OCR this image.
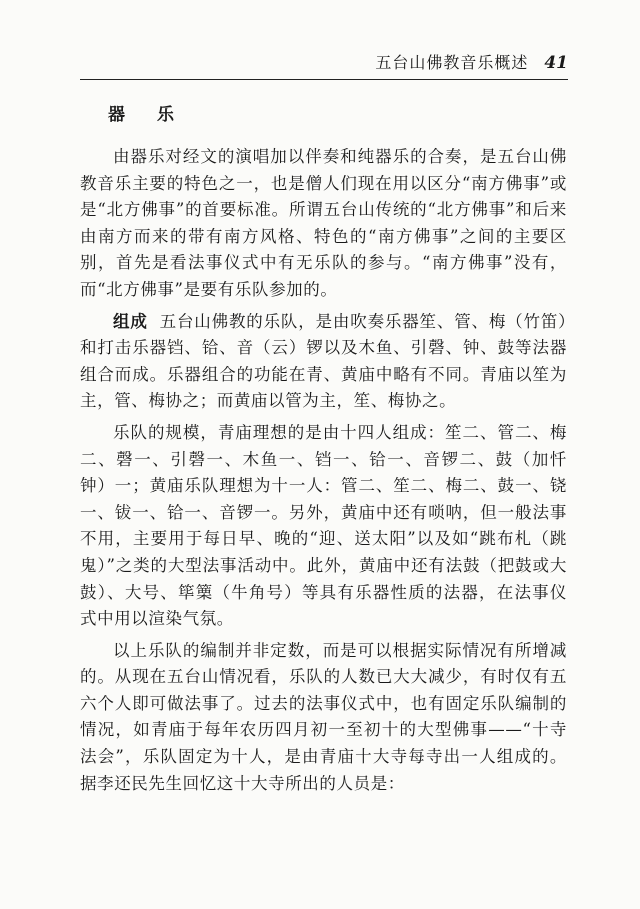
五台山佛教音乐概述 41
器乐

由器乐对经文的演唱加以伴奏和纯器乐的合奏，是五台山佛教音乐主要的特色之一，也是僧人们现在用以区分“南方佛事”或是“北方佛事”的首要标准。所谓五台山传统的“北方佛事”和后来由南方而来的带有南方风格、特色的“南方佛事”之间的主要区别，首先是看法事仪式中有无乐队的参与。“南方佛事”没有，而“北方佛事”是要有乐队参加的。

组成 五台山佛教的乐队，是由吹奏乐器笙、管、梅（竹笛）和打击乐器铛、铪、音（云）锣以及木鱼、引磬、钟、鼓等法器组合而成。乐器组合的功能在青、黄庙中略有不同。青庙以笙为主，管、梅协之；而黄庙以管为主，笙、梅协之。

乐队的规模，青庙理想的是由十四人组成：笙二、管二、梅二、磬一、引磬一、木鱼一、铛一、铪一、音锣二、鼓（加忏钟）一；黄庙乐队理想为十一人：管二、笙二、梅二、鼓一、铙一、钹一、铪一、音锣一。另外，黄庙中还有唢呐，但一般法事不用，主要用于每日早、晚的“迎、送太阳”以及如“跳布札（跳鬼）”之类的大型法事活动中。此外，黄庙中还有法鼓（把鼓或大鼓）、大号、筚篥（牛角号）等具有乐器性质的法器，在法事仪式中用以渲染气氛。

以上乐队的编制并非定数，而是可以根据实际情况有所增减的。从现在五台山情况看，乐队的人数已大大减少，有时仅有五六个人即可做法事了。过去的法事仪式中，也有固定乐队编制的情况，如青庙于每年农历四月初一至初十的大型佛事——“十寺法会”，乐队固定为十人，是由青庙十大寺每寺出一人组成的。据李还民先生回忆这十大寺所出的人员是：
